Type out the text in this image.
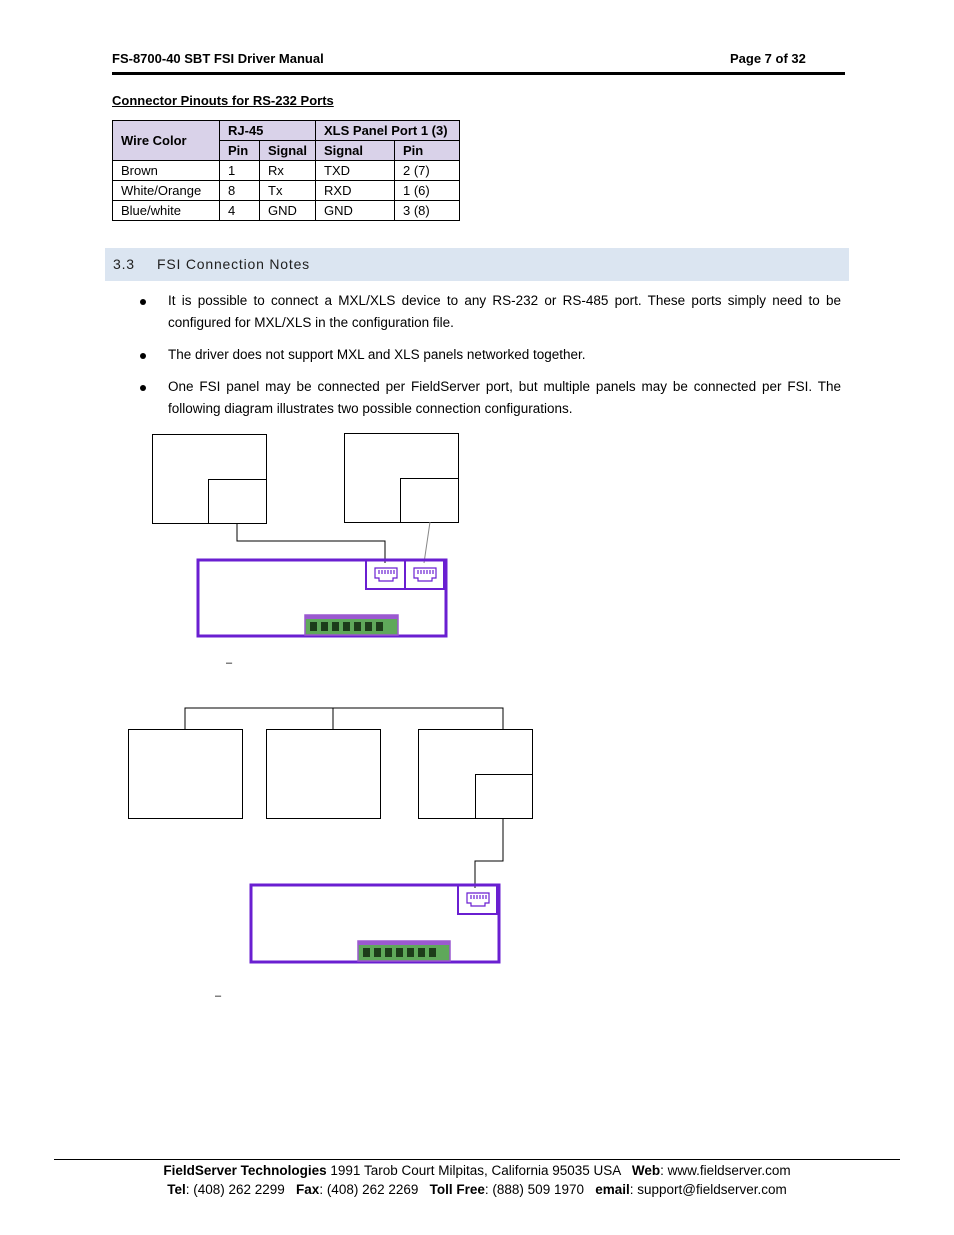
FS-8700-40 SBT FSI Driver Manual	Page 7 of 32
Connector Pinouts for RS-232 Ports
Wire Color	RJ-45		XLS Panel Port 1 (3)	
	Pin	Signal	Signal	Pin
Brown	1	Rx	TXD	2 (7)
White/Orange	8	Tx	RXD	1 (6)
Blue/white	4	GND	GND	3 (8)
3.3 FSI Connection Notes
It is possible to connect a MXL/XLS device to any RS-232 or RS-485 port. These ports simply need to be configured for MXL/XLS in the configuration file.
The driver does not support MXL and XLS panels networked together.
One FSI panel may be connected per FieldServer port, but multiple panels may be connected per FSI. The following diagram illustrates two possible connection configurations.
–
–
FieldServer Technologies 1991 Tarob Court Milpitas, California 95035 USA   Web: www.fieldserver.com
Tel: (408) 262 2299   Fax: (408) 262 2269   Toll Free: (888) 509 1970   email: support@fieldserver.com
